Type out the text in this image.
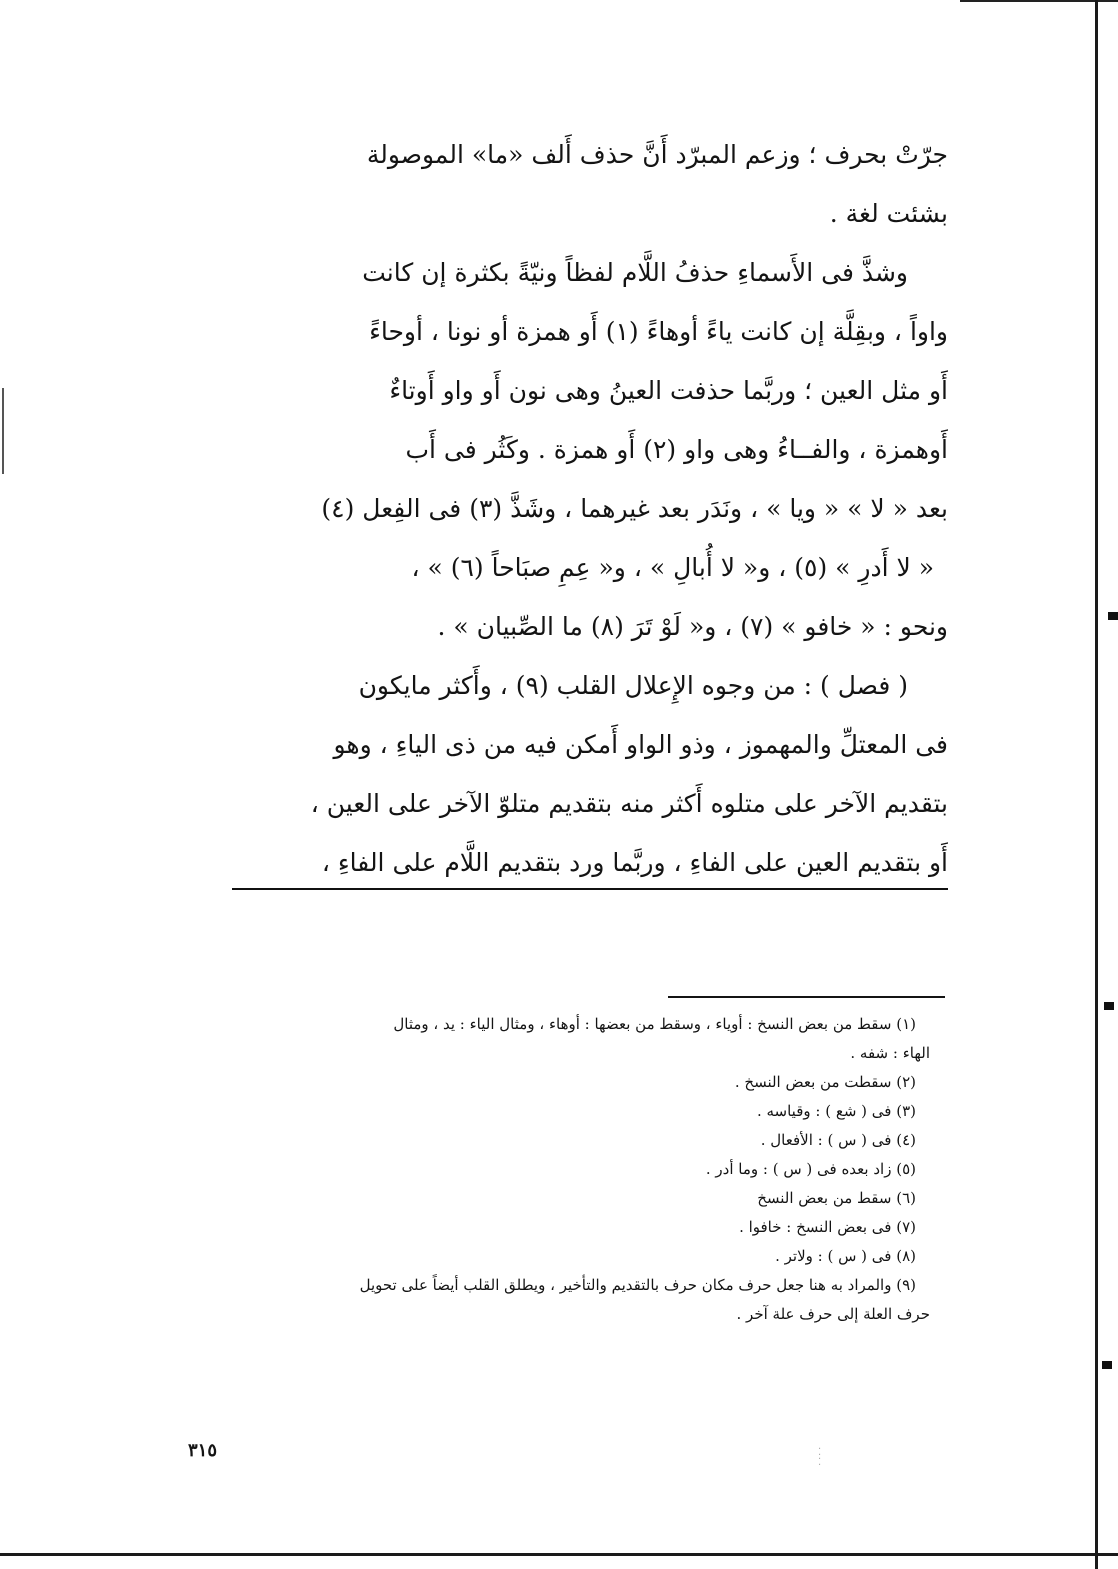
جرّتْ بحرف ؛ وزعم المبرّد أَنَّ حذف أَلف «ما» الموصولة
بشئت لغة .
وشذَّ فى الأَسماءِ حذفُ اللَّام لفظاً ونيّةً بكثرة إن كانت
واواً ، وبقِلَّة إن كانت ياءً أوهاءً (١) أَو همزة أو نونا ، أوحاءً
أَو مثل العين ؛ وربَّما حذفت العينُ وهى نون أَو واو أَوتاءٌ
أَوهمزة ، والفــاءُ وهى واو (٢) أَو همزة . وكَثُر فى أَب
بعد « لا » « ويا » ، ونَدَر بعد غيرهما ، وشَذَّ (٣) فى الفِعل (٤)
« لا أَدرِ » (٥) ، و« لا أُبالِ » ، و« عِمِ صبَاحاً (٦) » ،
ونحو : « خافو » (٧) ، و« لَوْ تَرَ (٨) ما الصِّبيان » .
( فصل ) : من وجوه الإِعلال القلب (٩) ، وأَكثر مايكون
فى المعتلِّ والمهموز ، وذو الواو أَمكن فيه من ذى الياءِ ، وهو
بتقديم الآخر على متلوه أَكثر منه بتقديم متلوّ الآخر على العين ،
أَو بتقديم العين على الفاءِ ، وربَّما ورد بتقديم اللَّام على الفاءِ ،
(١) سقط من بعض النسخ : أوياء ، وسقط من بعضها : أوهاء ، ومثال الياء : يد ، ومثال
الهاء : شفه .
(٢) سقطت من بعض النسخ .
(٣) فى ( شع ) : وقياسه .
(٤) فى ( س ) : الأفعال .
(٥) زاد بعده فى ( س ) : وما أدر .
(٦) سقط من بعض النسخ
(٧) فى بعض النسخ : خافوا .
(٨) فى ( س ) : ولاتر .
(٩) والمراد به هنا جعل حرف مكان حرف بالتقديم والتأخير ، ويطلق القلب أيضاً على تحويل
حرف العلة إلى حرف علة آخر .
٣١٥	⁚
⁚
